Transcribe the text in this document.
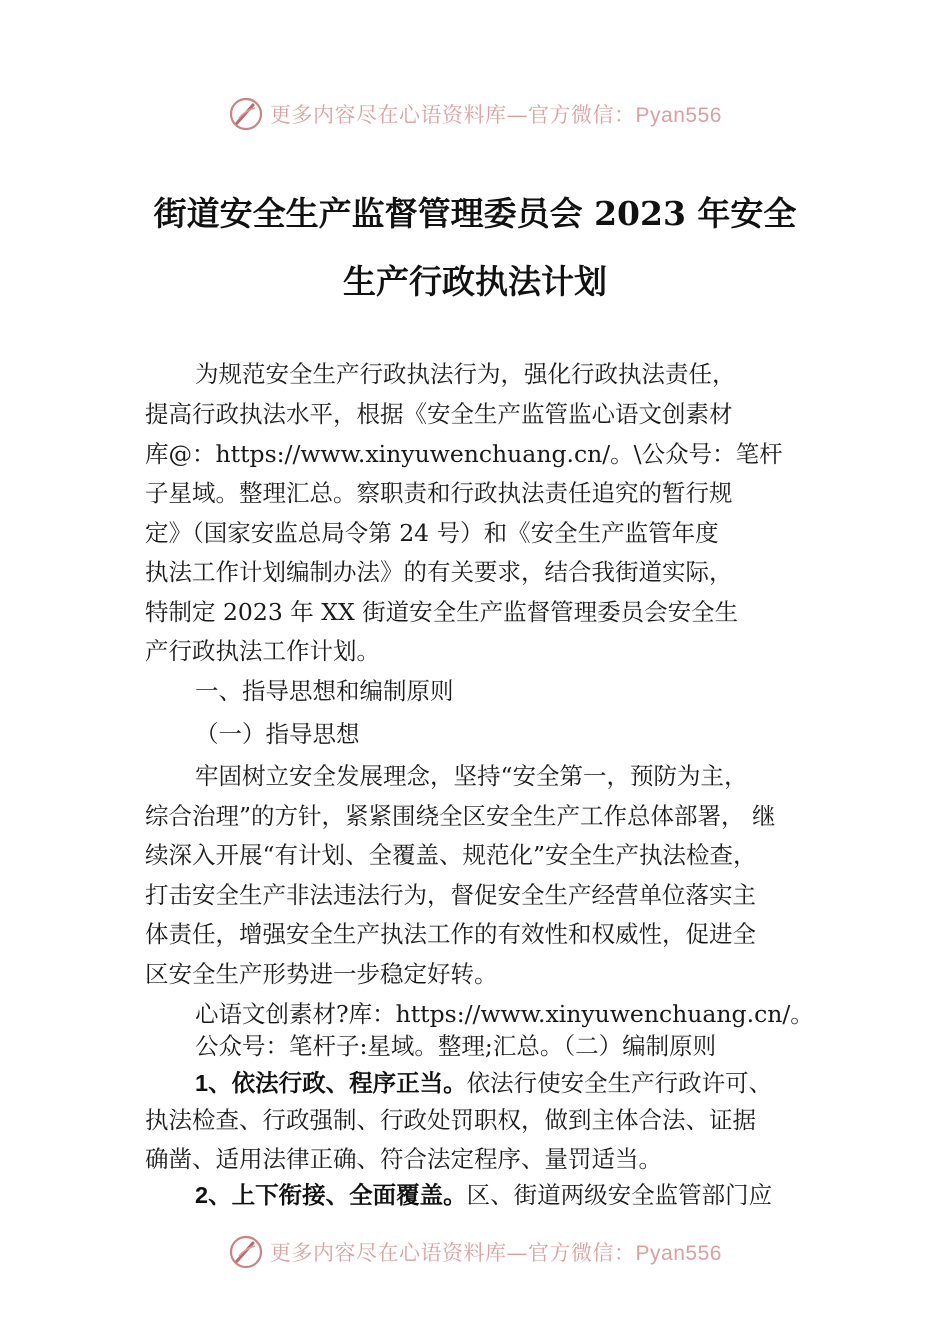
更多内容尽在心语资料库—官方微信：Pyan556
街道安全生产监督管理委员会 2023 年安全
生产行政执法计划
为规范安全生产行政执法行为，强化行政执法责任，
提高行政执法水平，根据《安全生产监管监心语文创素材
库@：https://www.xinyuwenchuang.cn/。\公众号：笔杆
子星域。整理汇总。察职责和行政执法责任追究的暂行规
定》（国家安监总局令第 24 号）和《安全生产监管年度
执法工作计划编制办法》的有关要求，结合我街道实际，
特制定 2023 年 XX 街道安全生产监督管理委员会安全生
产行政执法工作计划。
一、指导思想和编制原则
（一）指导思想
牢固树立安全发展理念，坚持“安全第一，预防为主，
综合治理”的方针，紧紧围绕全区安全生产工作总体部署， 继
续深入开展“有计划、全覆盖、规范化”安全生产执法检查，
打击安全生产非法违法行为，督促安全生产经营单位落实主
体责任，增强安全生产执法工作的有效性和权威性，促进全
区安全生产形势进一步稳定好转。
心语文创素材?库：https://www.xinyuwenchuang.cn/。
公众号：笔杆子:星域。整理;汇总。（二）编制原则
1、依法行政、程序正当。依法行使安全生产行政许可、
执法检查、行政强制、行政处罚职权，做到主体合法、证据
确凿、适用法律正确、符合法定程序、量罚适当。
2、上下衔接、全面覆盖。区、街道两级安全监管部门应
更多内容尽在心语资料库—官方微信：Pyan556
